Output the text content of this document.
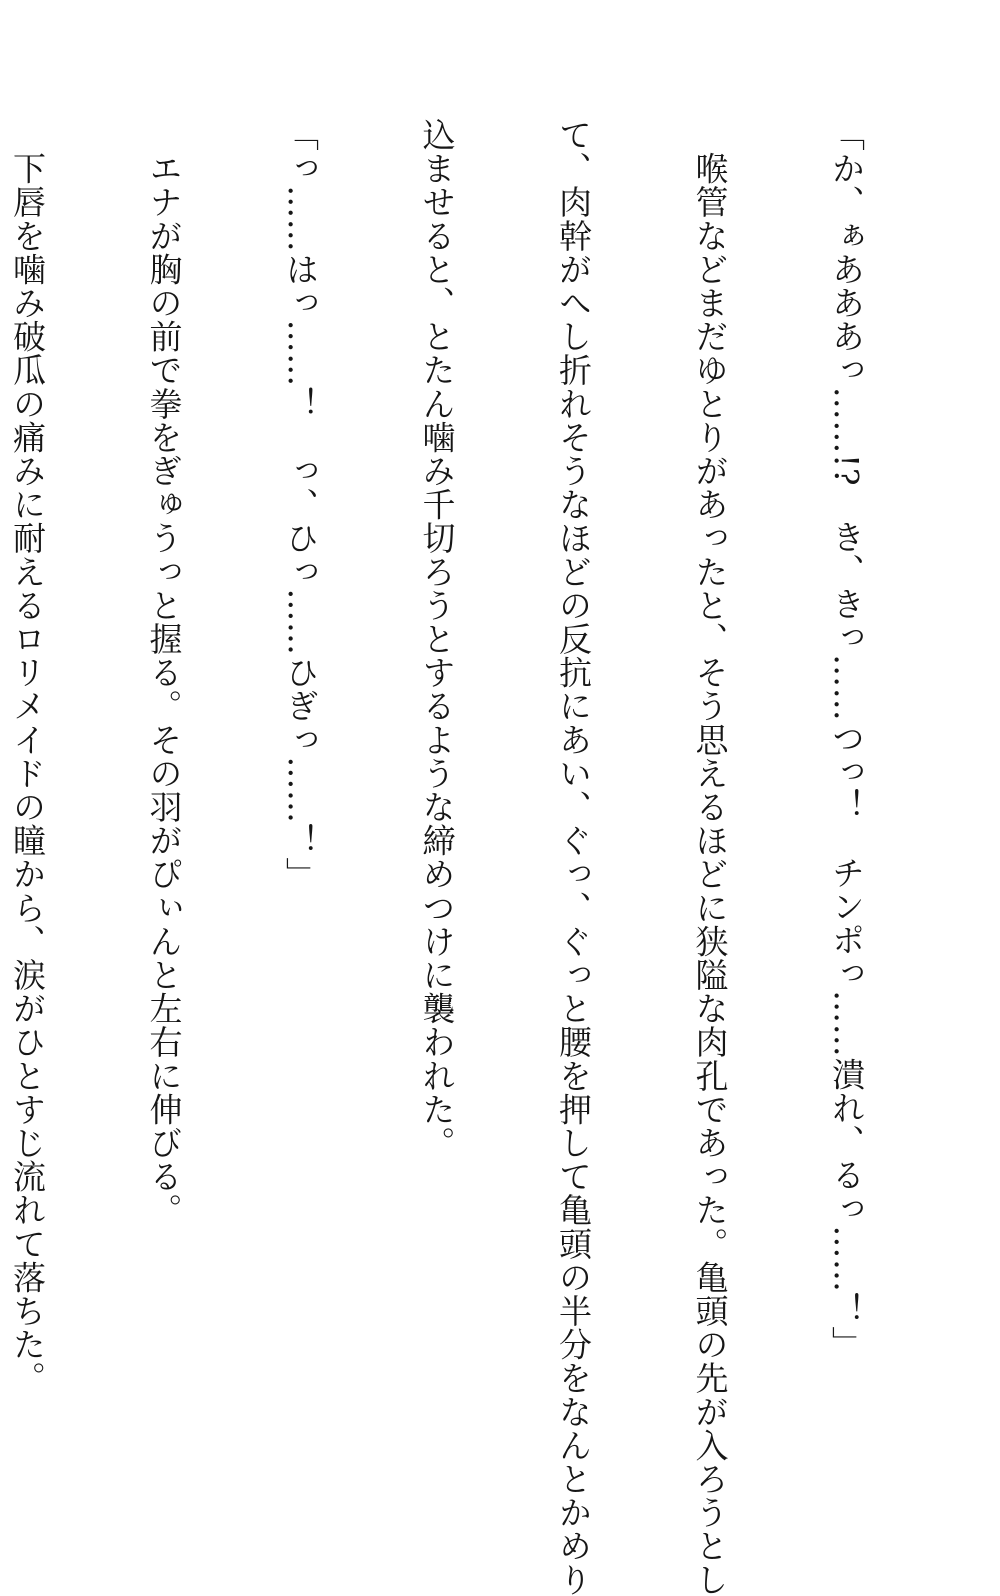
「か、ぁあああっ……!?　き、きっ……つっ！　チンポっ……潰れ、るっ……！」

　喉管などまだゆとりがあったと、そう思えるほどに狭隘な肉孔であった。亀頭の先が入ろうとし

て、肉幹がへし折れそうなほどの反抗にあい、ぐっ、ぐっと腰を押して亀頭の半分をなんとかめり

込ませると、とたん噛み千切ろうとするような締めつけに襲われた。

「っ……はっ……！　っ、ひっ……ひぎっ……！」

　エナが胸の前で拳をぎゅうっと握る。その羽がぴぃんと左右に伸びる。

　下唇を噛み破瓜の痛みに耐えるロリメイドの瞳から、涙がひとすじ流れて落ちた。
